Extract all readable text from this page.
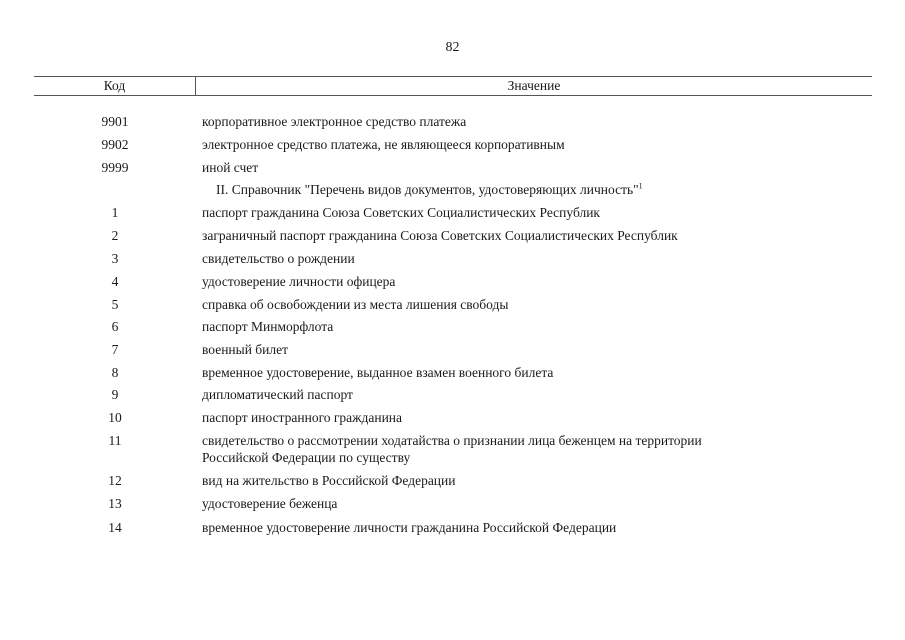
82
Код	Значение
9901	корпоративное электронное средство платежа
9902	электронное средство платежа, не являющееся корпоративным
9999	иной счет
II. Справочник "Перечень видов документов, удостоверяющих личность"$^1$
1	паспорт гражданина Союза Советских Социалистических Республик
2	заграничный паспорт гражданина Союза Советских Социалистических Республик
3	свидетельство о рождении
4	удостоверение личности офицера
5	справка об освобождении из места лишения свободы
6	паспорт Минморфлота
7	военный билет
8	временное удостоверение, выданное взамен военного билета
9	дипломатический паспорт
10	паспорт иностранного гражданина
11	свидетельство о рассмотрении ходатайства о признании лица беженцем на территории
Российской Федерации по существу
12	вид на жительство в Российской Федерации
13	удостоверение беженца
14	временное удостоверение личности гражданина Российской Федерации
